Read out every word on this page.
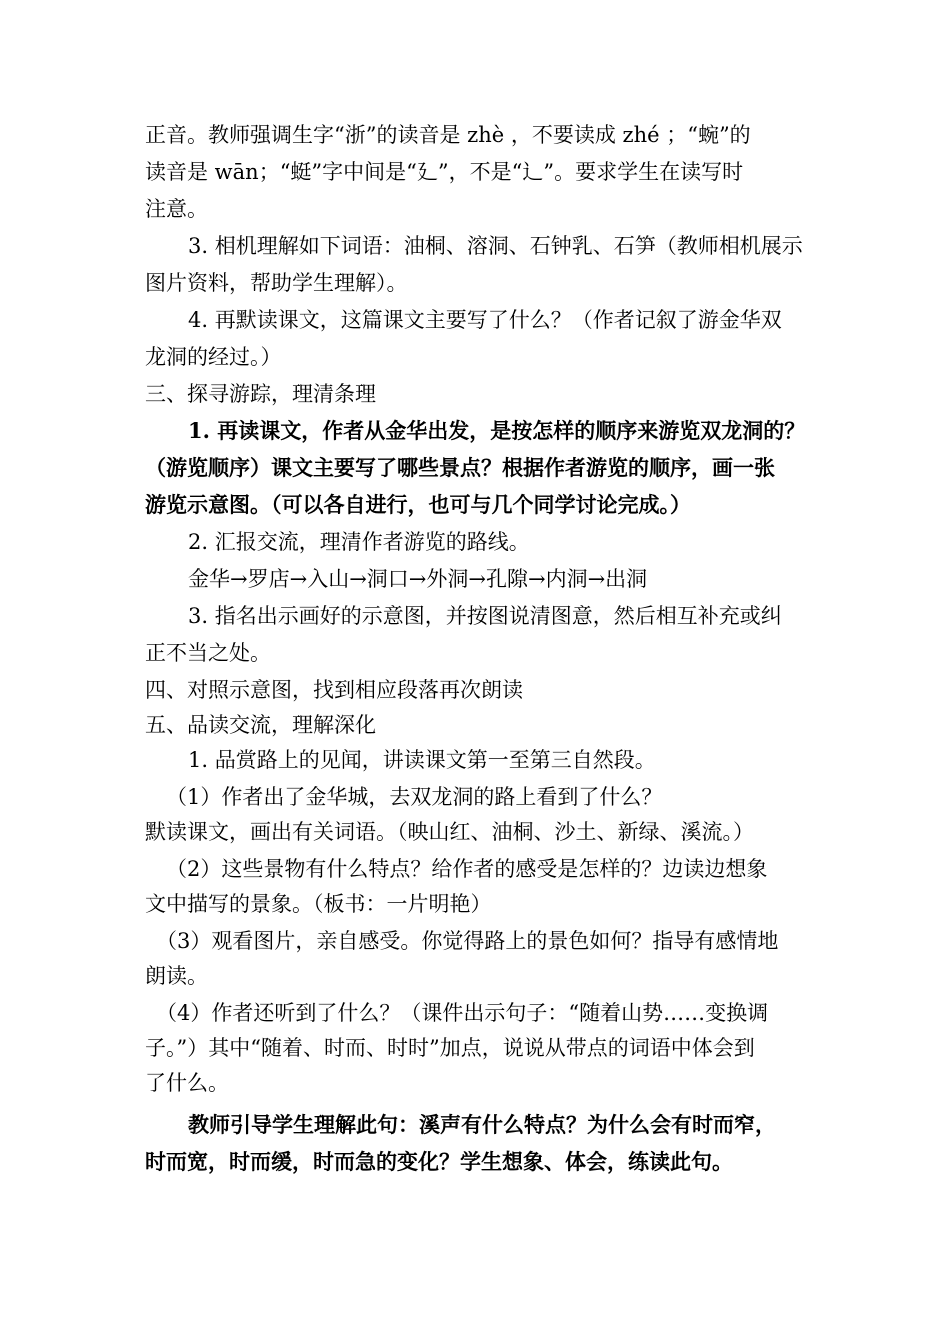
正音。教师强调生字“浙”的读音是 zhè ，不要读成 zhé ；“蜿”的
读音是 wān；“蜓”字中间是“廴”，不是“辶”。要求学生在读写时
注意。
3. 相机理解如下词语：油桐、溶洞、石钟乳、石笋（教师相机展示
图片资料，帮助学生理解）。
4. 再默读课文，这篇课文主要写了什么？（作者记叙了游金华双
龙洞的经过。）
三、探寻游踪，理清条理
1. 再读课文，作者从金华出发，是按怎样的顺序来游览双龙洞的？
（游览顺序）课文主要写了哪些景点？根据作者游览的顺序，画一张
游览示意图。（可以各自进行，也可与几个同学讨论完成。）
2. 汇报交流，理清作者游览的路线。
金华→罗店→入山→洞口→外洞→孔隙→内洞→出洞
3. 指名出示画好的示意图，并按图说清图意，然后相互补充或纠
正不当之处。
四、对照示意图，找到相应段落再次朗读
五、品读交流，理解深化
1. 品赏路上的见闻，讲读课文第一至第三自然段。
（1）作者出了金华城，去双龙洞的路上看到了什么？
默读课文，画出有关词语。（映山红、油桐、沙土、新绿、溪流。）
（2）这些景物有什么特点？给作者的感受是怎样的？边读边想象
文中描写的景象。（板书：一片明艳）
（3）观看图片，亲自感受。你觉得路上的景色如何？指导有感情地
朗读。
（4）作者还听到了什么？（课件出示句子：“随着山势……变换调
子。”）其中“随着、时而、时时”加点，说说从带点的词语中体会到
了什么。
教师引导学生理解此句：溪声有什么特点？为什么会有时而窄，
时而宽，时而缓，时而急的变化？学生想象、体会，练读此句。
